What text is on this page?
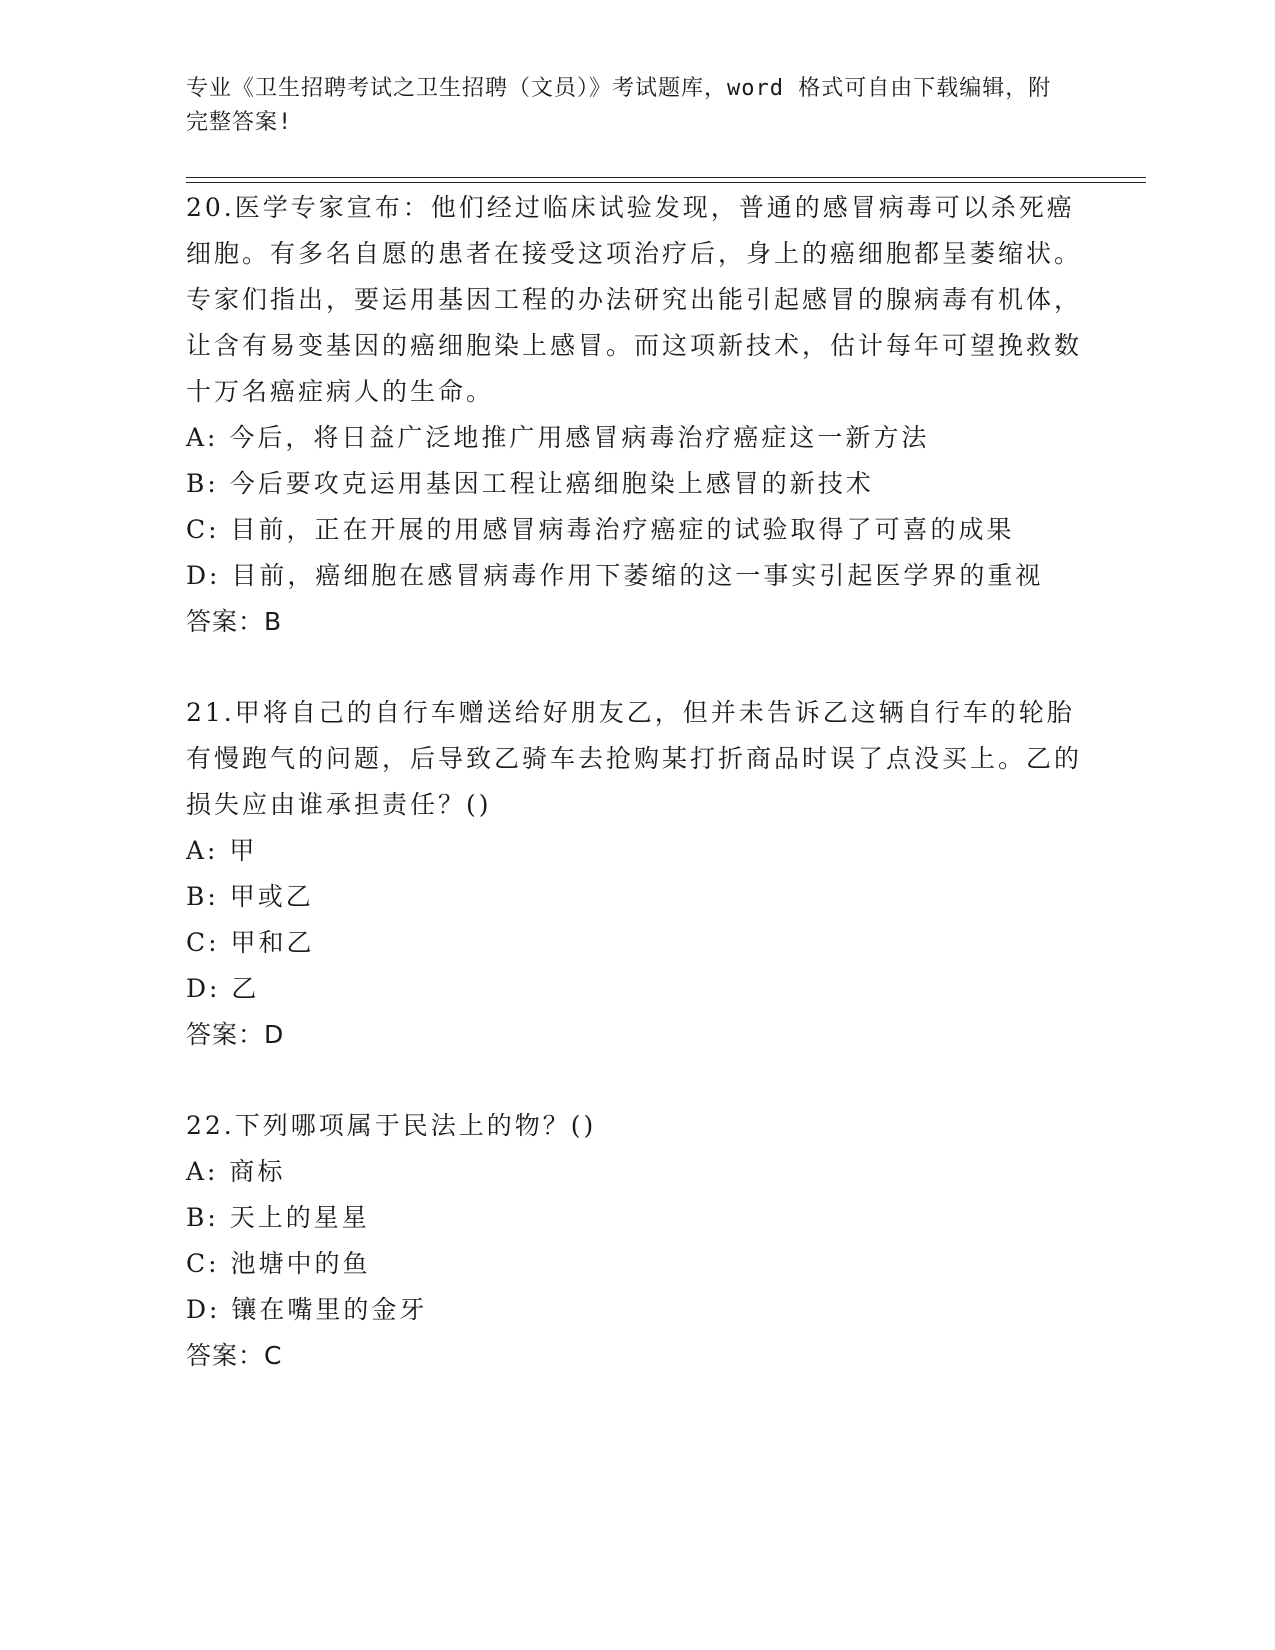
专业《卫生招聘考试之卫生招聘（文员）》考试题库，word 格式可自由下载编辑，附完整答案!

20.医学专家宣布：他们经过临床试验发现，普通的感冒病毒可以杀死癌细胞。有多名自愿的患者在接受这项治疗后，身上的癌细胞都呈萎缩状。专家们指出，要运用基因工程的办法研究出能引起感冒的腺病毒有机体，让含有易变基因的癌细胞染上感冒。而这项新技术，估计每年可望挽救数十万名癌症病人的生命。

A: 今后，将日益广泛地推广用感冒病毒治疗癌症这一新方法

B: 今后要攻克运用基因工程让癌细胞染上感冒的新技术

C: 目前，正在开展的用感冒病毒治疗癌症的试验取得了可喜的成果

D: 目前，癌细胞在感冒病毒作用下萎缩的这一事实引起医学界的重视

答案：B

21.甲将自己的自行车赠送给好朋友乙，但并未告诉乙这辆自行车的轮胎有慢跑气的问题，后导致乙骑车去抢购某打折商品时误了点没买上。乙的损失应由谁承担责任？()

A: 甲

B: 甲或乙

C: 甲和乙

D: 乙

答案：D

22.下列哪项属于民法上的物？()

A: 商标

B: 天上的星星

C: 池塘中的鱼

D: 镶在嘴里的金牙

答案：C
